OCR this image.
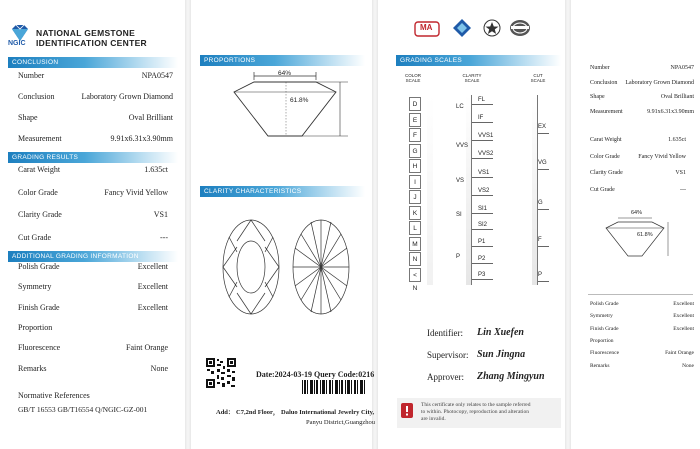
NGIC
NATIONAL GEMSTONE
IDENTIFICATION CENTER
CONCLUSION
Number	NPA0547
Conclusion	Laboratory Grown Diamond
Shape	Oval Brilliant
Measurement	9.91x6.31x3.90mm
GRADING RESULTS
Carat Weight	1.635ct
Color Grade	Fancy Vivid Yellow
Clarity Grade	VS1
Cut Grade	---
ADDITIONAL GRADING INFORMATION
Polish Grade	Excellent
Symmetry	Excellent
Finish Grade	Excellent
Proportion
Fluorescence	Faint Orange
Remarks	None
Normative References
GB/T 16553 GB/T16554 Q/NGIC-GZ-001
PROPORTIONS
64%
61.8%
CLARITY CHARACTERISTICS
Date:2024-03-19 Query Code:0216
Add： C7,2nd Floor， Daluo International Jewelry City,
Panyu District,Guangzhou
MA
GRADING SCALES
COLOR SCALE
CLARITY SCALE
CUT SCALE
D
E
F
G
H
I
J
K
L
M
N
< N
LC
VVS
VS
SI
P
FL
IF
VVS1
VVS2
VS1
VS2
SI1
SI2
P1
P2
P3
EX
VG
G
F
P
Identifier: Lin Xuefen
Supervisor: Sun Jingna
Approver: Zhang Mingyun
This certificate only relates to the sample referred
to within. Photocopy, reproduction and alteration
are invalid.
Number	NPA0547
Conclusion Laboratory Grown Diamond
Shape	Oval Brilliant
Measurement	9.91x6.31x3.90mm
Carat Weight	1.635ct
Color Grade	Fancy Vivid Yellow
Clarity Grade	VS1
Cut Grade	---
64%
61.8%
Polish Grade	Excellent
Symmetry	Excellent
Finish Grade	Excellent
Proportion
Fluorescence	Faint Orange
Remarks	None
